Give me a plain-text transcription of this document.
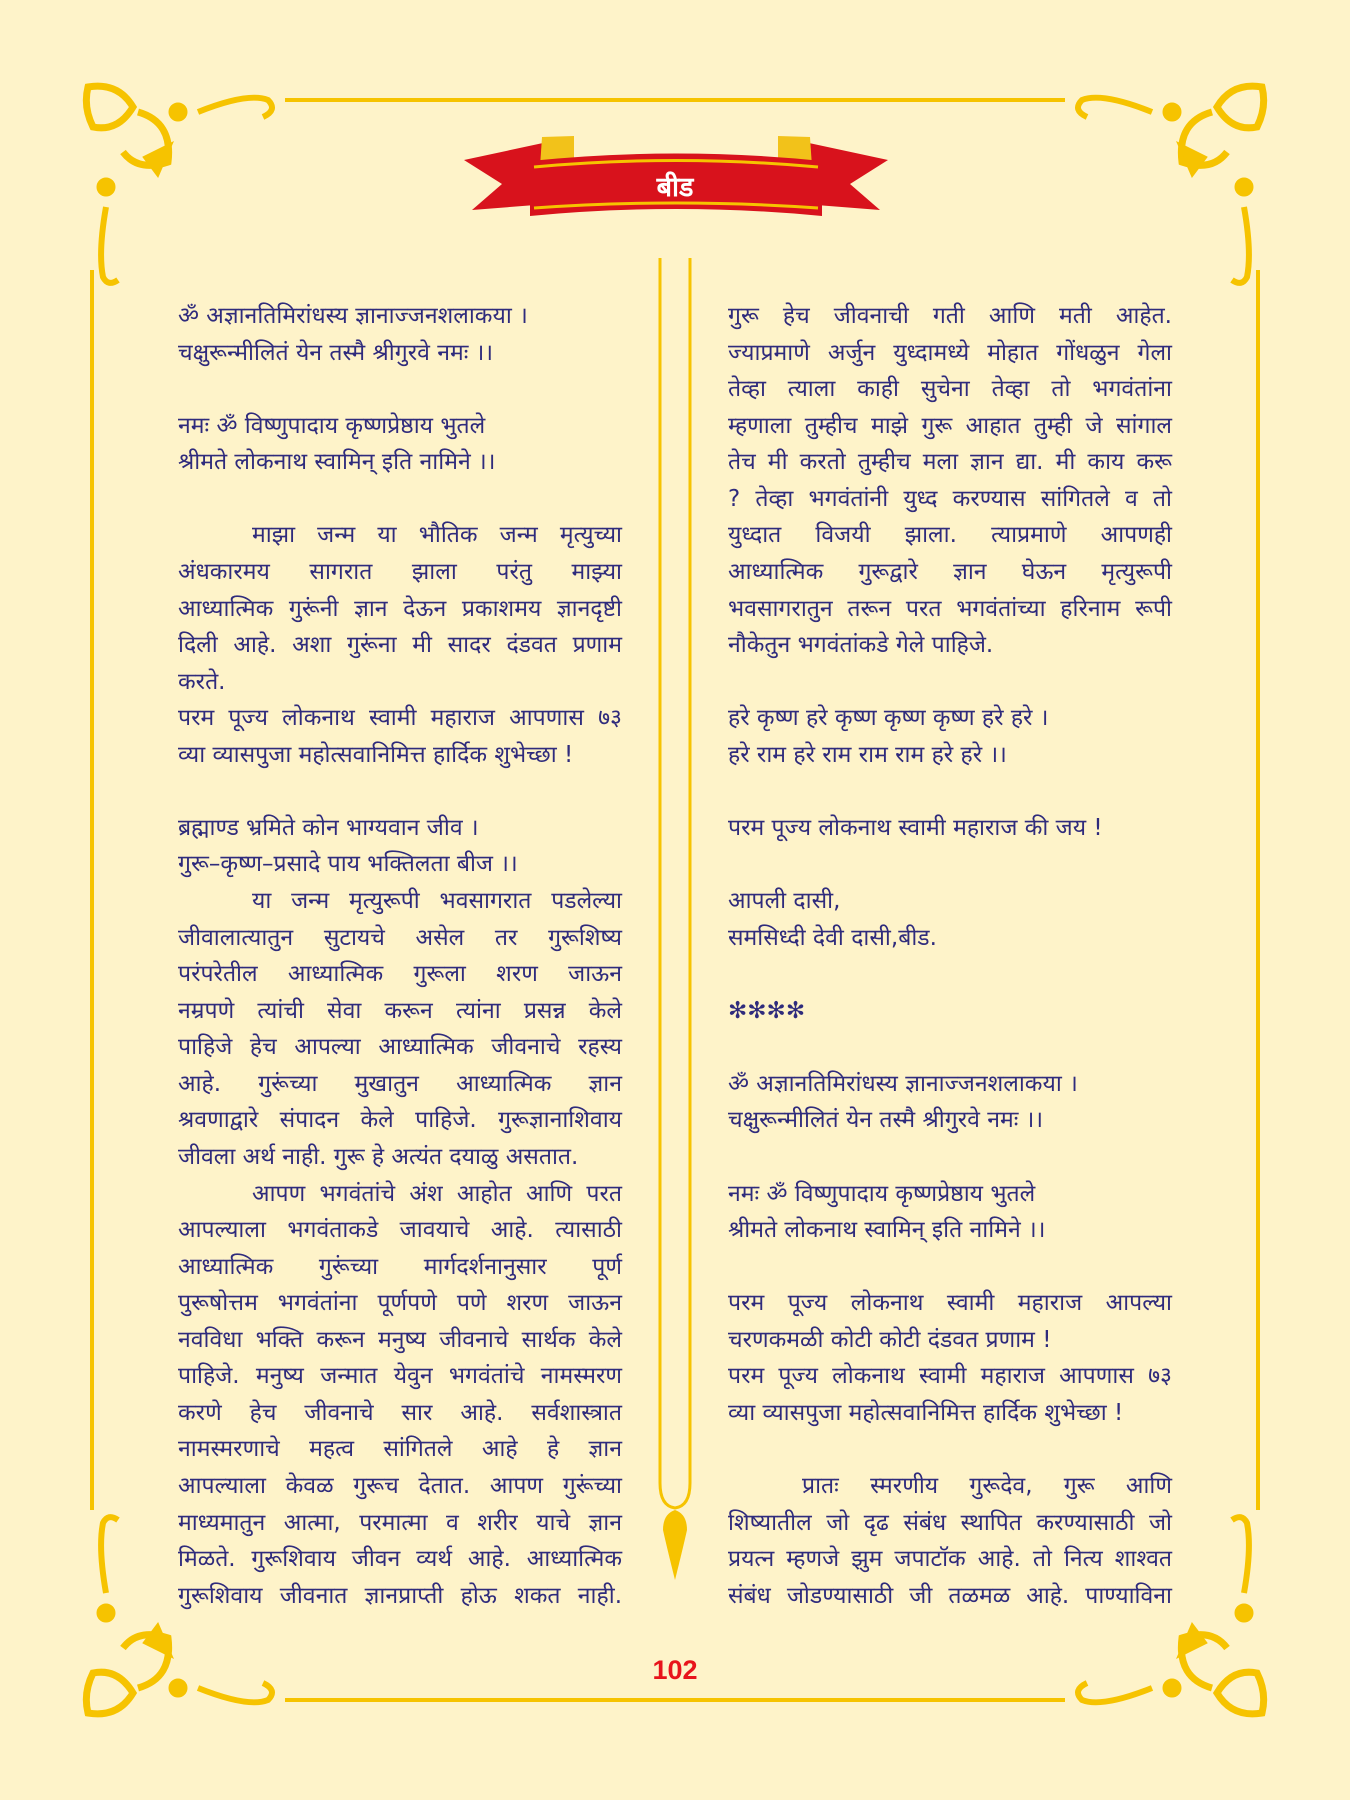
बीड
ॐ अज्ञानतिमिरांधस्य ज्ञानाज्जनशलाकया ।
चक्षुरून्मीलितं येन तस्मै श्रीगुरवे नमः ।।
नमः ॐ विष्णुपादाय कृष्णप्रेष्ठाय भुतले
श्रीमते लोकनाथ स्वामिन् इति नामिने ।।
माझा जन्म या भौतिक जन्म मृत्युच्या
अंधकारमय सागरात झाला परंतु माझ्या
आध्यात्मिक गुरूंनी ज्ञान देऊन प्रकाशमय ज्ञानदृष्टी
दिली आहे. अशा गुरूंना मी सादर दंडवत प्रणाम
करते.
परम पूज्य लोकनाथ स्वामी महाराज आपणास ७३
व्या व्यासपुजा महोत्सवानिमित्त हार्दिक शुभेच्छा !
ब्रह्माण्ड भ्रमिते कोन भाग्यवान जीव ।
गुरू–कृष्ण–प्रसादे पाय भक्तिलता बीज ।।
या जन्म मृत्युरूपी भवसागरात पडलेल्या
जीवालात्यातुन सुटायचे असेल तर गुरूशिष्य
परंपरेतील आध्यात्मिक गुरूला शरण जाऊन
नम्रपणे त्यांची सेवा करून त्यांना प्रसन्न केले
पाहिजे हेच आपल्या आध्यात्मिक जीवनाचे रहस्य
आहे. गुरूंच्या मुखातुन आध्यात्मिक ज्ञान
श्रवणाद्वारे संपादन केले पाहिजे. गुरूज्ञानाशिवाय
जीवला अर्थ नाही. गुरू हे अत्यंत दयाळु असतात.
आपण भगवंतांचे अंश आहोत आणि परत
आपल्याला भगवंताकडे जावयाचे आहे. त्यासाठी
आध्यात्मिक गुरूंच्या मार्गदर्शनानुसार पूर्ण
पुरूषोत्तम भगवंतांना पूर्णपणे पणे शरण जाऊन
नवविधा भक्ति करून मनुष्य जीवनाचे सार्थक केले
पाहिजे. मनुष्य जन्मात येवुन भगवंतांचे नामस्मरण
करणे हेच जीवनाचे सार आहे. सर्वशास्त्रात
नामस्मरणाचे महत्व सांगितले आहे हे ज्ञान
आपल्याला केवळ गुरूच देतात. आपण गुरूंच्या
माध्यमातुन आत्मा, परमात्मा व शरीर याचे ज्ञान
मिळते. गुरूशिवाय जीवन व्यर्थ आहे. आध्यात्मिक
गुरूशिवाय जीवनात ज्ञानप्राप्ती होऊ शकत नाही.
गुरू हेच जीवनाची गती आणि मती आहेत.
ज्याप्रमाणे अर्जुन युध्दामध्ये मोहात गोंधळुन गेला
तेव्हा त्याला काही सुचेना तेव्हा तो भगवंतांना
म्हणाला तुम्हीच माझे गुरू आहात तुम्ही जे सांगाल
तेच मी करतो तुम्हीच मला ज्ञान द्या. मी काय करू
? तेव्हा भगवंतांनी युध्द करण्यास सांगितले व तो
युध्दात विजयी झाला. त्याप्रमाणे आपणही
आध्यात्मिक गुरूद्वारे ज्ञान घेऊन मृत्युरूपी
भवसागरातुन तरून परत भगवंतांच्या हरिनाम रूपी
नौकेतुन भगवंतांकडे गेले पाहिजे.
हरे कृष्ण हरे कृष्ण कृष्ण कृष्ण हरे हरे ।
हरे राम हरे राम राम राम हरे हरे ।।
परम पूज्य लोकनाथ स्वामी महाराज की जय !
आपली दासी,
समसिध्दी देवी दासी,बीड.
✻✻✻✻
ॐ अज्ञानतिमिरांधस्य ज्ञानाज्जनशलाकया ।
चक्षुरून्मीलितं येन तस्मै श्रीगुरवे नमः ।।
नमः ॐ विष्णुपादाय कृष्णप्रेष्ठाय भुतले
श्रीमते लोकनाथ स्वामिन् इति नामिने ।।
परम पूज्य लोकनाथ स्वामी महाराज आपल्या
चरणकमळी कोटी कोटी दंडवत प्रणाम !
परम पूज्य लोकनाथ स्वामी महाराज आपणास ७३
व्या व्यासपुजा महोत्सवानिमित्त हार्दिक शुभेच्छा !
प्रातः स्मरणीय गुरूदेव, गुरू आणि
शिष्यातील जो दृढ संबंध स्थापित करण्यासाठी जो
प्रयत्न म्हणजे झुम जपाटॉक आहे. तो नित्य शाश्वत
संबंध जोडण्यासाठी जी तळमळ आहे. पाण्याविना
102
